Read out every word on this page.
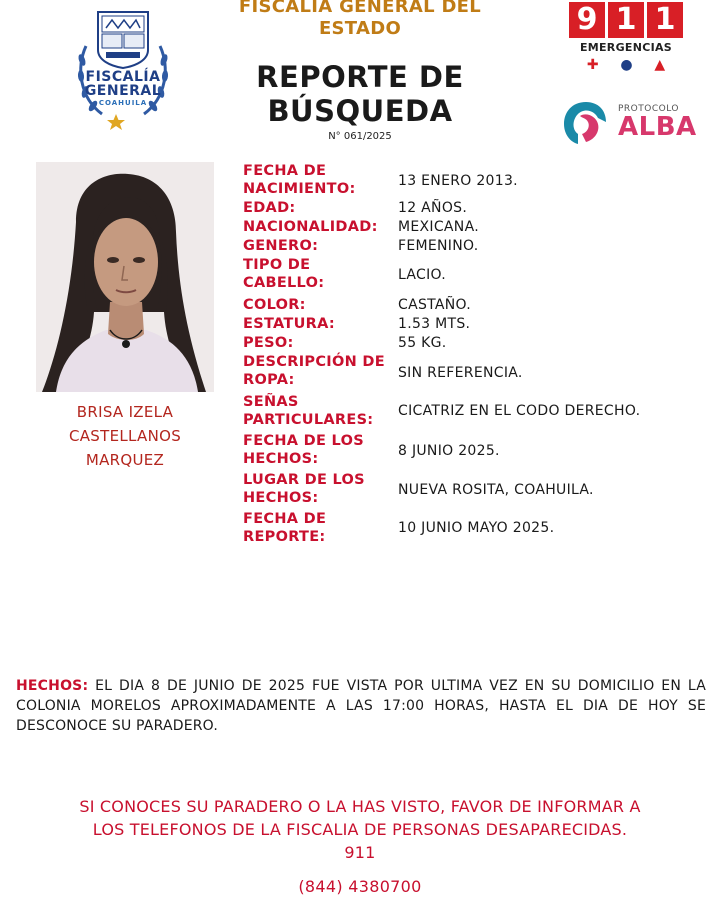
FISCALÍA
GENERAL
COAHUILA
FISCALIA GENERAL DEL
ESTADO
REPORTE DE
BÚSQUEDA
N° 061/2025
9 1 1
EMERGENCIAS
✚ ● ▲
PROTOCOLO
ALBA
BRISA IZELA
CASTELLANOS
MARQUEZ
FECHA DE
NACIMIENTO:	13 ENERO 2013.
EDAD:	12 AÑOS.
NACIONALIDAD: MEXICANA.
GENERO:	FEMENINO.
TIPO DE
CABELLO:	LACIO.
COLOR:	CASTAÑO.
ESTATURA:	1.53 MTS.
PESO:	55 KG.
DESCRIPCIÓN DE
ROPA:	SIN REFERENCIA.
SEÑAS
PARTICULARES:
CICATRIZ EN EL CODO DERECHO.
FECHA DE LOS
HECHOS:	8 JUNIO 2025.
LUGAR DE LOS
HECHOS:	NUEVA ROSITA, COAHUILA.
FECHA DE
REPORTE:
10 JUNIO MAYO 2025.
HECHOS: EL DIA 8 DE JUNIO DE 2025 FUE VISTA POR ULTIMA VEZ EN SU DOMICILIO EN LA COLONIA MORELOS APROXIMADAMENTE A LAS 17:00 HORAS, HASTA EL DIA DE HOY SE DESCONOCE SU PARADERO.
SI CONOCES SU PARADERO O LA HAS VISTO, FAVOR DE INFORMAR A
LOS TELEFONOS DE LA FISCALIA DE PERSONAS DESAPARECIDAS.
911
(844) 4380700
